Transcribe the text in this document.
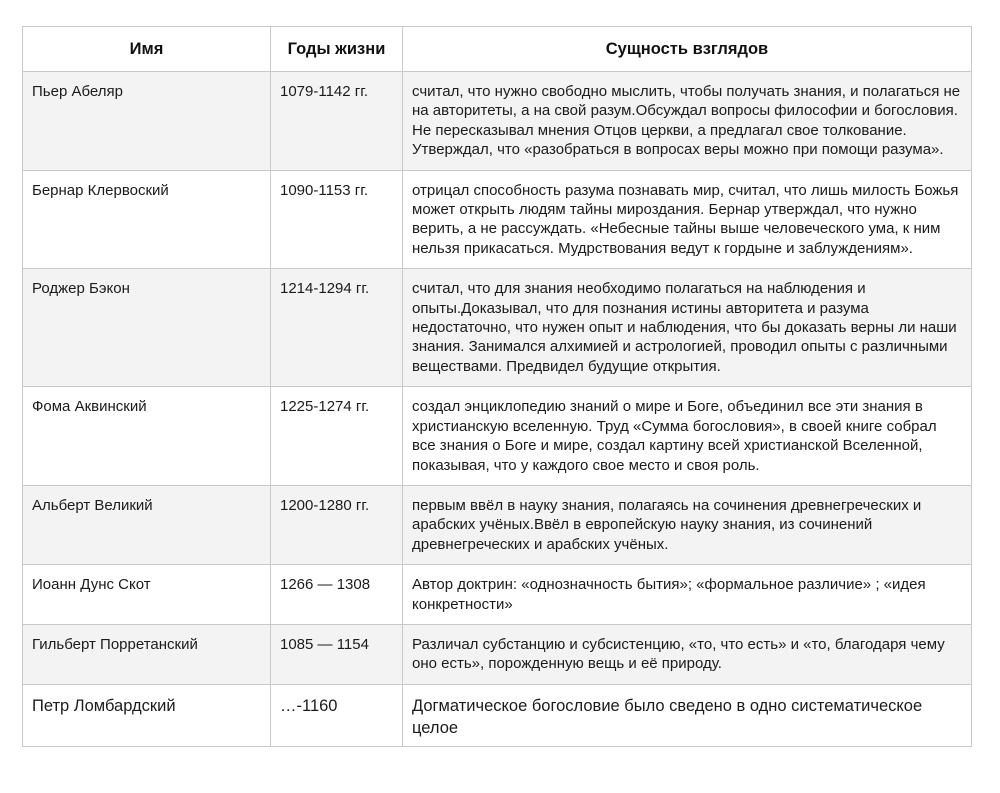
Имя	Годы жизни	Сущность взглядов
Пьер Абеляр	1079-1142 гг.	считал, что нужно свободно мыслить, чтобы получать знания, и полагаться не на авторитеты, а на свой разум.Обсуждал вопросы философии и богословия. Не пересказывал мнения Отцов церкви, а предлагал свое толкование. Утверждал, что «разобраться в вопросах веры можно при помощи разума».
Бернар Клервоский	1090-1153 гг.	отрицал способность разума познавать мир, считал, что лишь милость Божья может открыть людям тайны мироздания. Бернар утверждал, что нужно верить, а не рассуждать. «Небесные тайны выше человеческого ума, к ним нельзя прикасаться. Мудрствования ведут к гордыне и заблуждениям».
Роджер Бэкон	1214-1294 гг.	считал, что для знания необходимо полагаться на наблюдения и опыты.Доказывал, что для познания истины авторитета и разума недостаточно, что нужен опыт и наблюдения, что бы доказать верны ли наши знания. Занимался алхимией и астрологией, проводил опыты с различными веществами. Предвидел будущие открытия.
Фома Аквинский	1225-1274 гг.	создал энциклопедию знаний о мире и Боге, объединил все эти знания в христианскую вселенную. Труд «Сумма богословия», в своей книге собрал все знания о Боге и мире, создал картину всей христианской Вселенной, показывая, что у каждого свое место и своя роль.
Альберт Великий	1200-1280 гг.	первым ввёл в науку знания, полагаясь на сочинения древнегреческих и арабских учёных.Ввёл в европейскую науку знания, из сочинений древнегреческих и арабских учёных.
Иоанн Дунс Скот	1266 — 1308	Автор доктрин: «однозначность бытия»; «формальное различие» ; «идея конкретности»
Гильберт Порретанский	1085 — 1154	Различал субстанцию и субсистенцию, «то, что есть» и «то, благодаря чему оно есть», порожденную вещь и её природу.
Петр Ломбардский	…-1160	Догматическое богословие было сведено в одно систематическое целое
